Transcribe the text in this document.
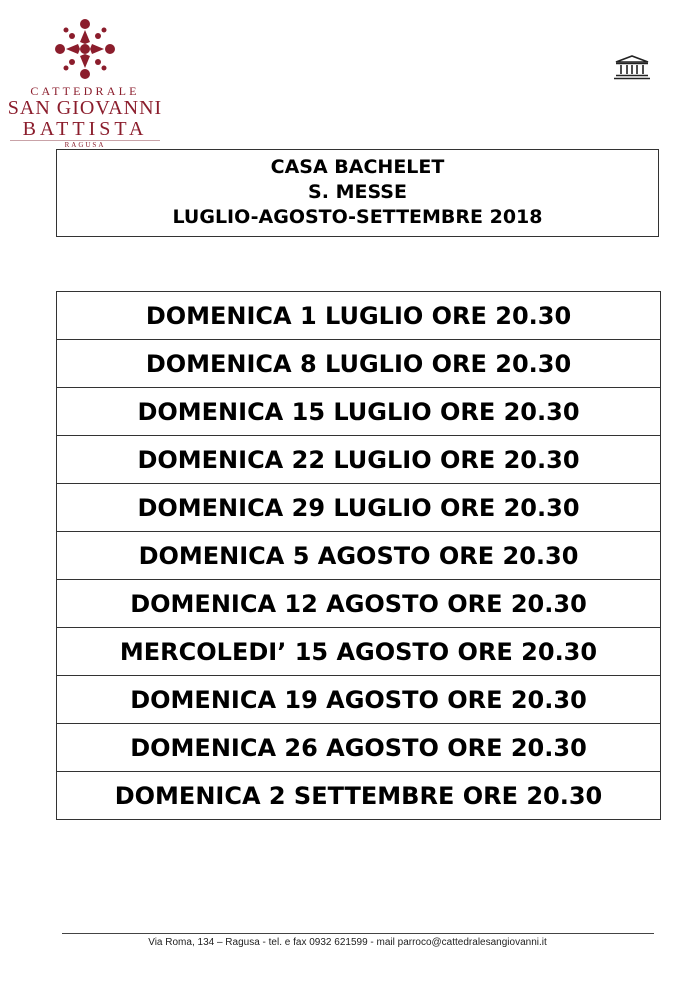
CATTEDRALE
SAN GIOVANNI
BATTISTA
RAGUSA
CASA BACHELET
S. MESSE
LUGLIO-AGOSTO-SETTEMBRE 2018
DOMENICA 1 LUGLIO ORE 20.30
DOMENICA 8 LUGLIO ORE 20.30
DOMENICA 15 LUGLIO ORE 20.30
DOMENICA 22 LUGLIO ORE 20.30
DOMENICA 29 LUGLIO ORE 20.30
DOMENICA 5 AGOSTO ORE 20.30
DOMENICA 12 AGOSTO ORE 20.30
MERCOLEDI’ 15 AGOSTO ORE 20.30
DOMENICA 19 AGOSTO ORE 20.30
DOMENICA 26 AGOSTO ORE 20.30
DOMENICA 2 SETTEMBRE ORE 20.30
Via Roma, 134 – Ragusa - tel. e fax 0932 621599 - mail parroco@cattedralesangiovanni.it
